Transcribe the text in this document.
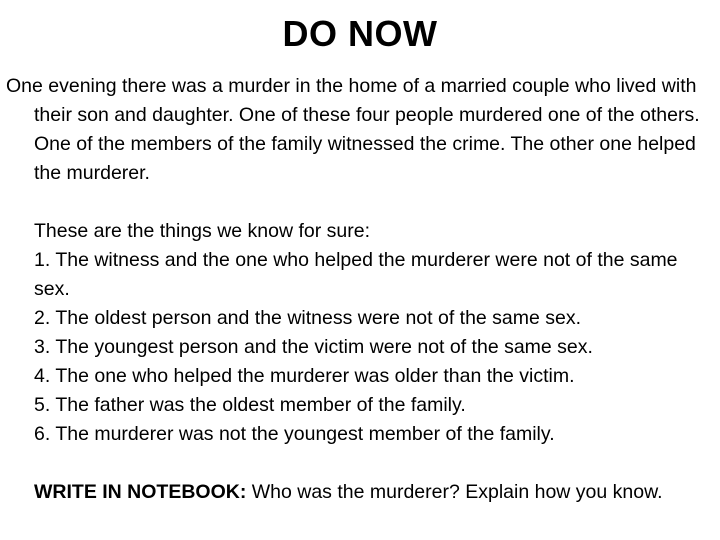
DO NOW

One evening there was a murder in the home of a married couple who lived with their son and daughter. One of these four people murdered one of the others. One of the members of the family witnessed the crime. The other one helped the murderer.

These are the things we know for sure:

1. The witness and the one who helped the murderer were not of the same sex.

2. The oldest person and the witness were not of the same sex.

3. The youngest person and the victim were not of the same sex.

4. The one who helped the murderer was older than the victim.

5. The father was the oldest member of the family.

6. The murderer was not the youngest member of the family.

WRITE IN NOTEBOOK: Who was the murderer? Explain how you know.
